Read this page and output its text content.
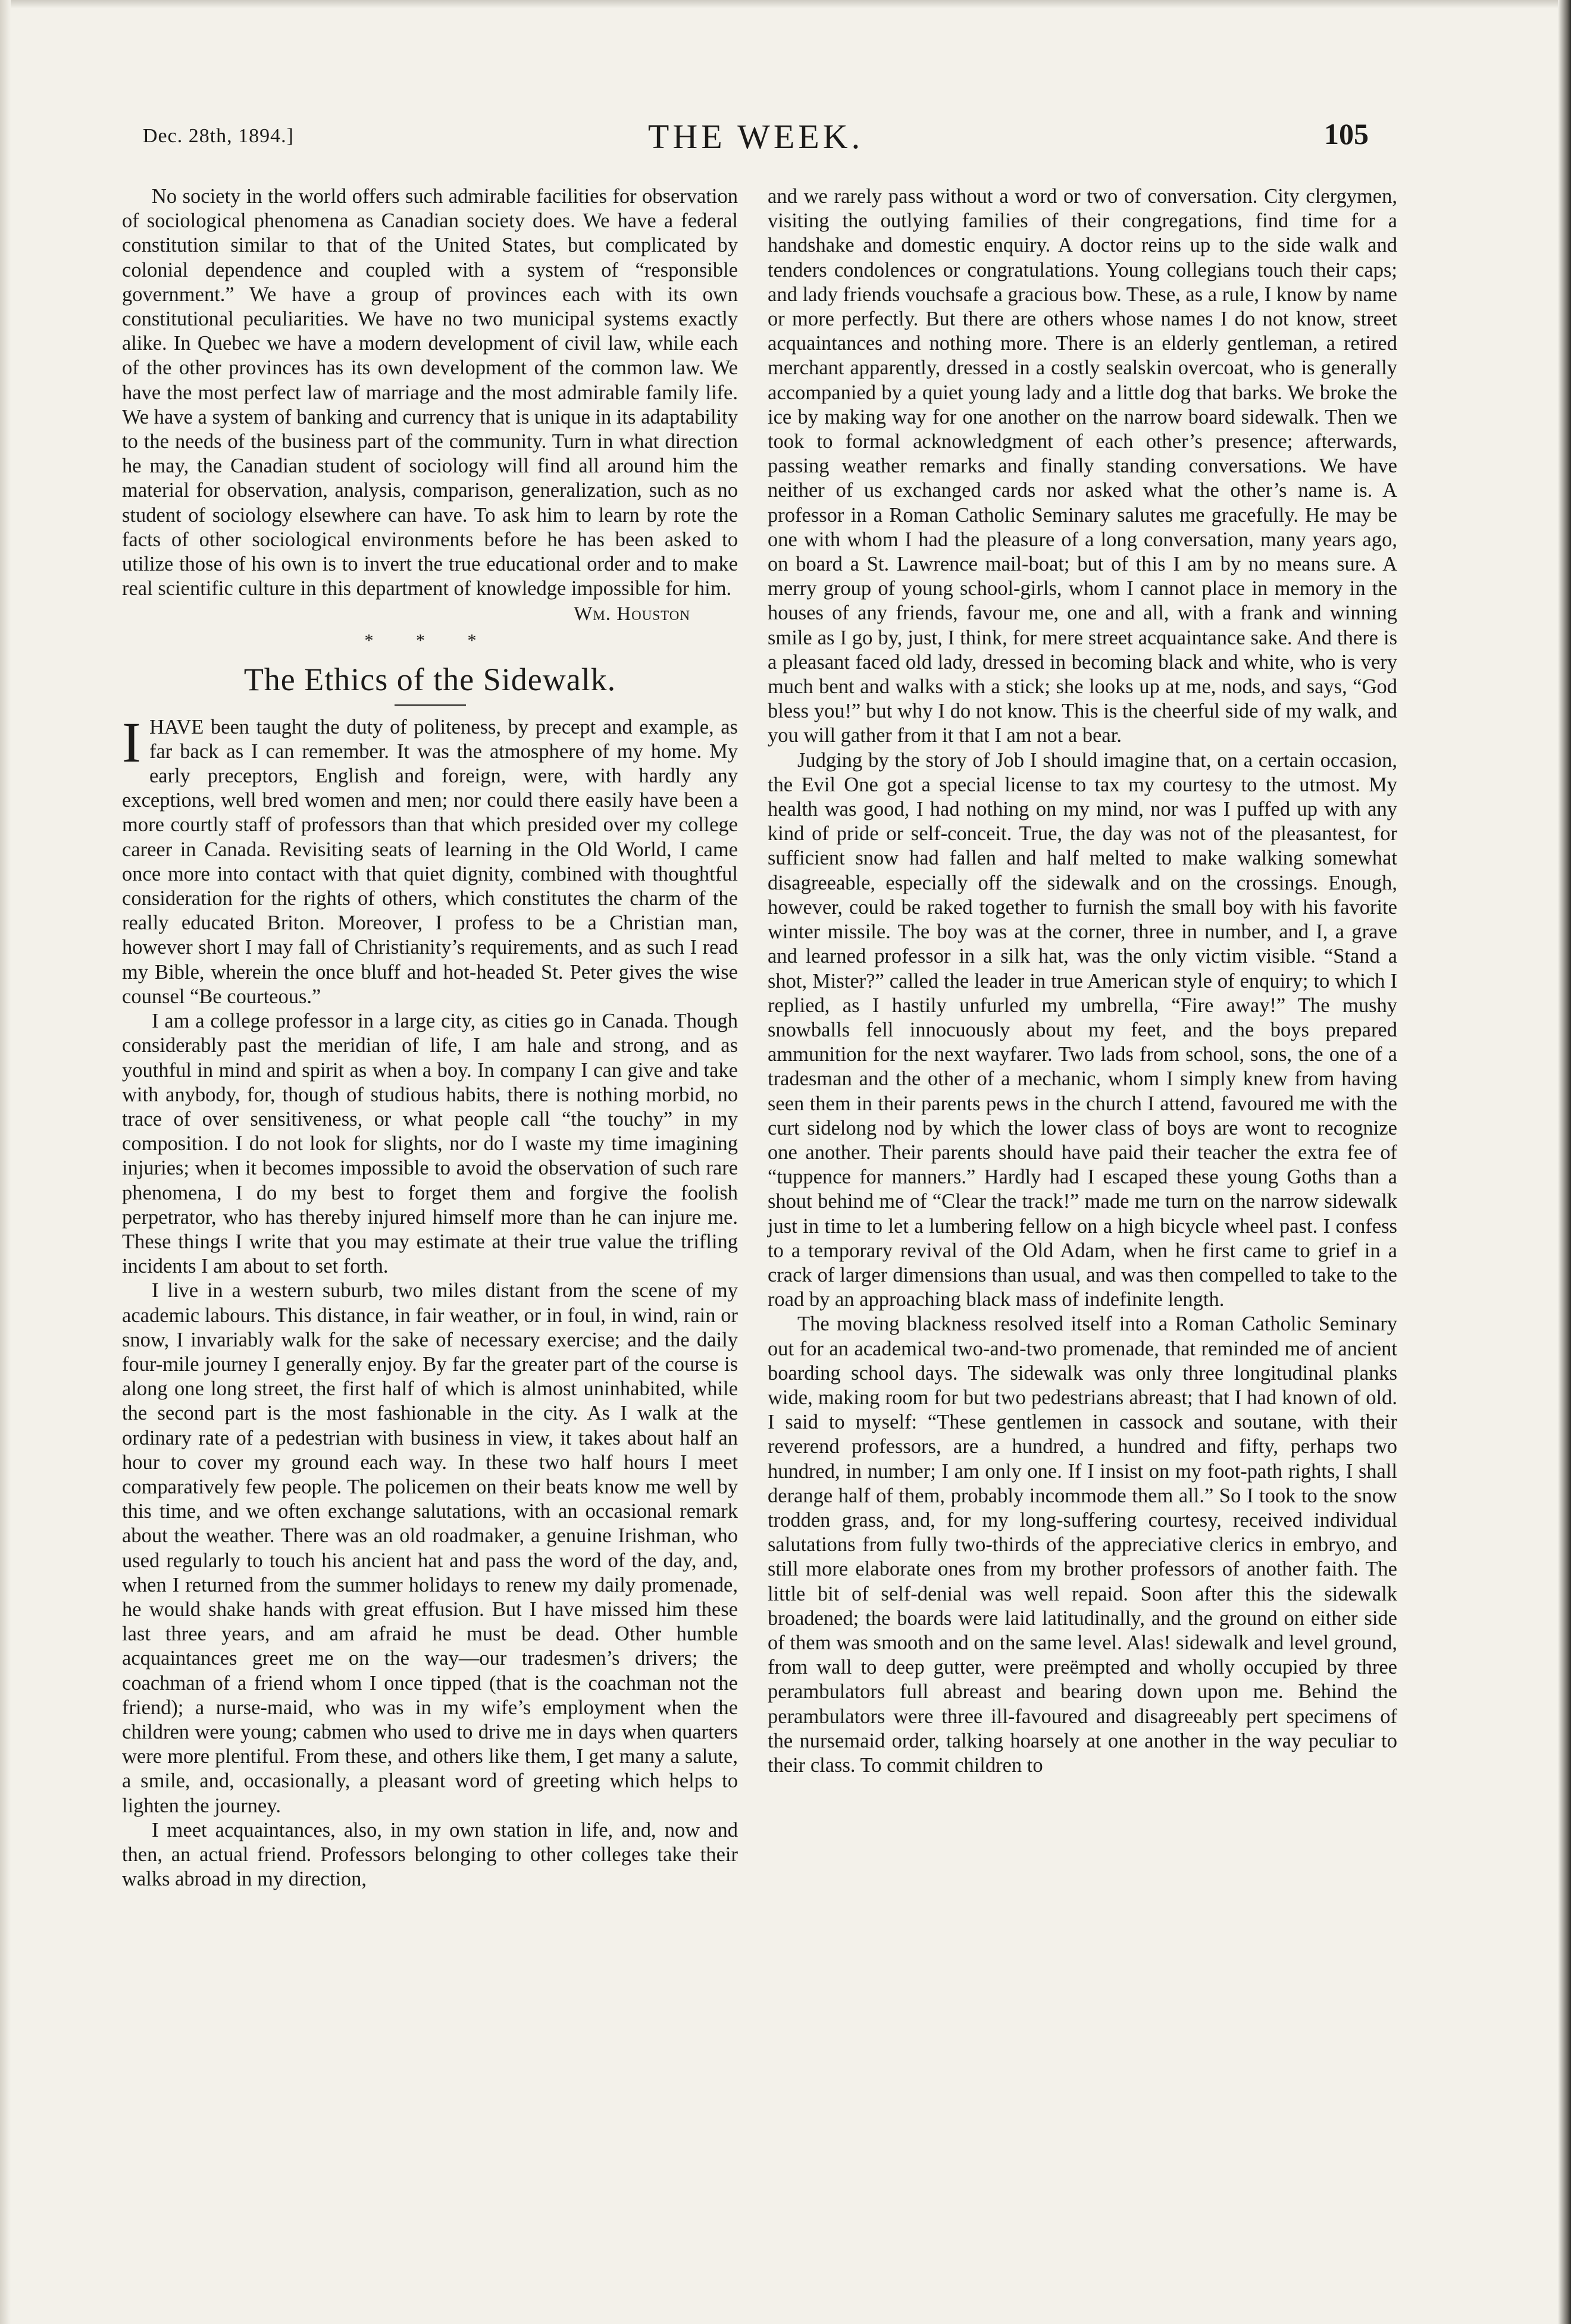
Dec. 28th, 1894.]	THE WEEK.	105

No society in the world offers such admirable facilities for observation of sociological phenomena as Canadian society does. We have a federal constitution similar to that of the United States, but complicated by colonial dependence and coupled with a system of “responsible government.” We have a group of provinces each with its own constitutional peculiarities. We have no two municipal systems exactly alike. In Quebec we have a modern development of civil law, while each of the other provinces has its own development of the common law. We have the most perfect law of marriage and the most admirable family life. We have a system of banking and currency that is unique in its adaptability to the needs of the business part of the community. Turn in what direction he may, the Canadian student of sociology will find all around him the material for observation, analysis, comparison, generalization, such as no student of sociology elsewhere can have. To ask him to learn by rote the facts of other sociological environments before he has been asked to utilize those of his own is to invert the true educational order and to make real scientific culture in this department of knowledge impossible for him.

Wm. Houston
* * *
The Ethics of the Sidewalk.

IHAVE been taught the duty of politeness, by precept and example, as far back as I can remember. It was the atmosphere of my home. My early preceptors, English and foreign, were, with hardly any exceptions, well bred women and men; nor could there easily have been a more courtly staff of professors than that which presided over my college career in Canada. Revisiting seats of learning in the Old World, I came once more into contact with that quiet dignity, combined with thoughtful consideration for the rights of others, which constitutes the charm of the really educated Briton. Moreover, I profess to be a Christian man, however short I may fall of Christianity’s requirements, and as such I read my Bible, wherein the once bluff and hot-headed St. Peter gives the wise counsel “Be courteous.”

I am a college professor in a large city, as cities go in Canada. Though considerably past the meridian of life, I am hale and strong, and as youthful in mind and spirit as when a boy. In company I can give and take with anybody, for, though of studious habits, there is nothing morbid, no trace of over sensitiveness, or what people call “the touchy” in my composition. I do not look for slights, nor do I waste my time imagining injuries; when it becomes impossible to avoid the observation of such rare phenomena, I do my best to forget them and forgive the foolish perpetrator, who has thereby injured himself more than he can injure me. These things I write that you may estimate at their true value the trifling incidents I am about to set forth.

I live in a western suburb, two miles distant from the scene of my academic labours. This distance, in fair weather, or in foul, in wind, rain or snow, I invariably walk for the sake of necessary exercise; and the daily four-mile journey I generally enjoy. By far the greater part of the course is along one long street, the first half of which is almost uninhabited, while the second part is the most fashionable in the city. As I walk at the ordinary rate of a pedestrian with business in view, it takes about half an hour to cover my ground each way. In these two half hours I meet comparatively few people. The policemen on their beats know me well by this time, and we often exchange salutations, with an occasional remark about the weather. There was an old roadmaker, a genuine Irishman, who used regularly to touch his ancient hat and pass the word of the day, and, when I returned from the summer holidays to renew my daily promenade, he would shake hands with great effusion. But I have missed him these last three years, and am afraid he must be dead. Other humble acquaintances greet me on the way—our tradesmen’s drivers; the coachman of a friend whom I once tipped (that is the coachman not the friend); a nurse-maid, who was in my wife’s employment when the children were young; cabmen who used to drive me in days when quarters were more plentiful. From these, and others like them, I get many a salute, a smile, and, occasionally, a pleasant word of greeting which helps to lighten the journey.

I meet acquaintances, also, in my own station in life, and, now and then, an actual friend. Professors belonging to other colleges take their walks abroad in my direction,

and we rarely pass without a word or two of conversation. City clergymen, visiting the outlying families of their congregations, find time for a handshake and domestic enquiry. A doctor reins up to the side walk and tenders condolences or congratulations. Young collegians touch their caps; and lady friends vouchsafe a gracious bow. These, as a rule, I know by name or more perfectly. But there are others whose names I do not know, street acquaintances and nothing more. There is an elderly gentleman, a retired merchant apparently, dressed in a costly sealskin overcoat, who is generally accompanied by a quiet young lady and a little dog that barks. We broke the ice by making way for one another on the narrow board sidewalk. Then we took to formal acknowledgment of each other’s presence; afterwards, passing weather remarks and finally standing conversations. We have neither of us exchanged cards nor asked what the other’s name is. A professor in a Roman Catholic Seminary salutes me gracefully. He may be one with whom I had the pleasure of a long conversation, many years ago, on board a St. Lawrence mail-boat; but of this I am by no means sure. A merry group of young school-girls, whom I cannot place in memory in the houses of any friends, favour me, one and all, with a frank and winning smile as I go by, just, I think, for mere street acquaintance sake. And there is a pleasant faced old lady, dressed in becoming black and white, who is very much bent and walks with a stick; she looks up at me, nods, and says, “God bless you!” but why I do not know. This is the cheerful side of my walk, and you will gather from it that I am not a bear.

Judging by the story of Job I should imagine that, on a certain occasion, the Evil One got a special license to tax my courtesy to the utmost. My health was good, I had nothing on my mind, nor was I puffed up with any kind of pride or self-conceit. True, the day was not of the pleasantest, for sufficient snow had fallen and half melted to make walking somewhat disagreeable, especially off the sidewalk and on the crossings. Enough, however, could be raked together to furnish the small boy with his favorite winter missile. The boy was at the corner, three in number, and I, a grave and learned professor in a silk hat, was the only victim visible. “Stand a shot, Mister?” called the leader in true American style of enquiry; to which I replied, as I hastily unfurled my umbrella, “Fire away!” The mushy snowballs fell innocuously about my feet, and the boys prepared ammunition for the next wayfarer. Two lads from school, sons, the one of a tradesman and the other of a mechanic, whom I simply knew from having seen them in their parents pews in the church I attend, favoured me with the curt sidelong nod by which the lower class of boys are wont to recognize one another. Their parents should have paid their teacher the extra fee of “tuppence for manners.” Hardly had I escaped these young Goths than a shout behind me of “Clear the track!” made me turn on the narrow sidewalk just in time to let a lumbering fellow on a high bicycle wheel past. I confess to a temporary revival of the Old Adam, when he first came to grief in a crack of larger dimensions than usual, and was then compelled to take to the road by an approaching black mass of indefinite length.

The moving blackness resolved itself into a Roman Catholic Seminary out for an academical two-and-two promenade, that reminded me of ancient boarding school days. The sidewalk was only three longitudinal planks wide, making room for but two pedestrians abreast; that I had known of old. I said to myself: “These gentlemen in cassock and soutane, with their reverend professors, are a hundred, a hundred and fifty, perhaps two hundred, in number; I am only one. If I insist on my foot-path rights, I shall derange half of them, probably incommode them all.” So I took to the snow trodden grass, and, for my long-suffering courtesy, received individual salutations from fully two-thirds of the appreciative clerics in embryo, and still more elaborate ones from my brother professors of another faith. The little bit of self-denial was well repaid. Soon after this the sidewalk broadened; the boards were laid latitudinally, and the ground on either side of them was smooth and on the same level. Alas! sidewalk and level ground, from wall to deep gutter, were preëmpted and wholly occupied by three perambulators full abreast and bearing down upon me. Behind the perambulators were three ill-favoured and disagreeably pert specimens of the nursemaid order, talking hoarsely at one another in the way peculiar to their class. To commit children to
